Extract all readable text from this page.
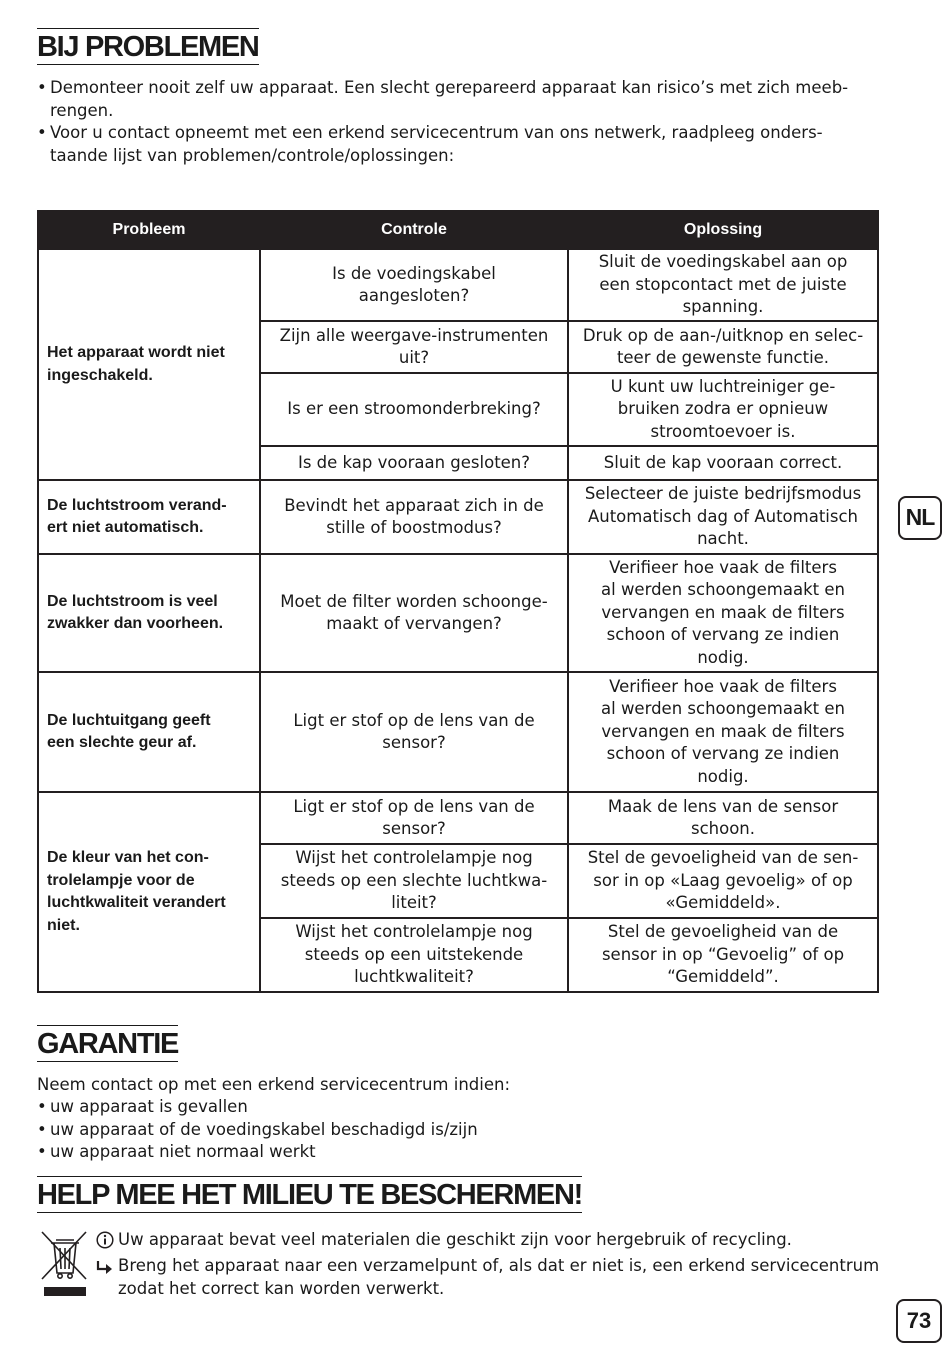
BIJ PROBLEMEN
• Demonteer nooit zelf uw apparaat. Een slecht gerepareerd apparaat kan risico’s met zich meeb-
rengen.
• Voor u contact opneemt met een erkend servicecentrum van ons netwerk, raadpleeg onders-
taande lijst van problemen/controle/oplossingen:
Probleem	Controle	Oplossing
Het apparaat wordt niet
ingeschakeld.	Is de voedingskabel
aangesloten?	Sluit de voedingskabel aan op
een stopcontact met de juiste
spanning.
	Zijn alle weergave-instrumenten
uit?	Druk op de aan-/uitknop en selec-
teer de gewenste functie.
	Is er een stroomonderbreking?	U kunt uw luchtreiniger ge-
bruiken zodra er opnieuw
stroomtoevoer is.
	Is de kap vooraan gesloten?	Sluit de kap vooraan correct.
De luchtstroom verand-
ert niet automatisch.	Bevindt het apparaat zich in de
stille of boostmodus?	Selecteer de juiste bedrijfsmodus
Automatisch dag of Automatisch
nacht.
De luchtstroom is veel
zwakker dan voorheen.	Moet de filter worden schoonge-
maakt of vervangen?	Verifieer hoe vaak de filters
al werden schoongemaakt en
vervangen en maak de filters
schoon of vervang ze indien
nodig.
De luchtuitgang geeft
een slechte geur af.	Ligt er stof op de lens van de
sensor?	Verifieer hoe vaak de filters
al werden schoongemaakt en
vervangen en maak de filters
schoon of vervang ze indien
nodig.
De kleur van het con-
trolelampje voor de
luchtkwaliteit verandert
niet.	Ligt er stof op de lens van de
sensor?	Maak de lens van de sensor
schoon.
	Wijst het controlelampje nog
steeds op een slechte luchtkwa-
liteit?	Stel de gevoeligheid van de sen-
sor in op «Laag gevoelig» of op
«Gemiddeld».
	Wijst het controlelampje nog
steeds op een uitstekende
luchtkwaliteit?	Stel de gevoeligheid van de
sensor in op “Gevoelig” of op
“Gemiddeld”.
NL
GARANTIE
Neem contact op met een erkend servicecentrum indien:
• uw apparaat is gevallen
• uw apparaat of de voedingskabel beschadigd is/zijn
• uw apparaat niet normaal werkt
HELP MEE HET MILIEU TE BESCHERMEN!
Uw apparaat bevat veel materialen die geschikt zijn voor hergebruik of recycling.
Breng het apparaat naar een verzamelpunt of, als dat er niet is, een erkend servicecentrum
zodat het correct kan worden verwerkt.
73
